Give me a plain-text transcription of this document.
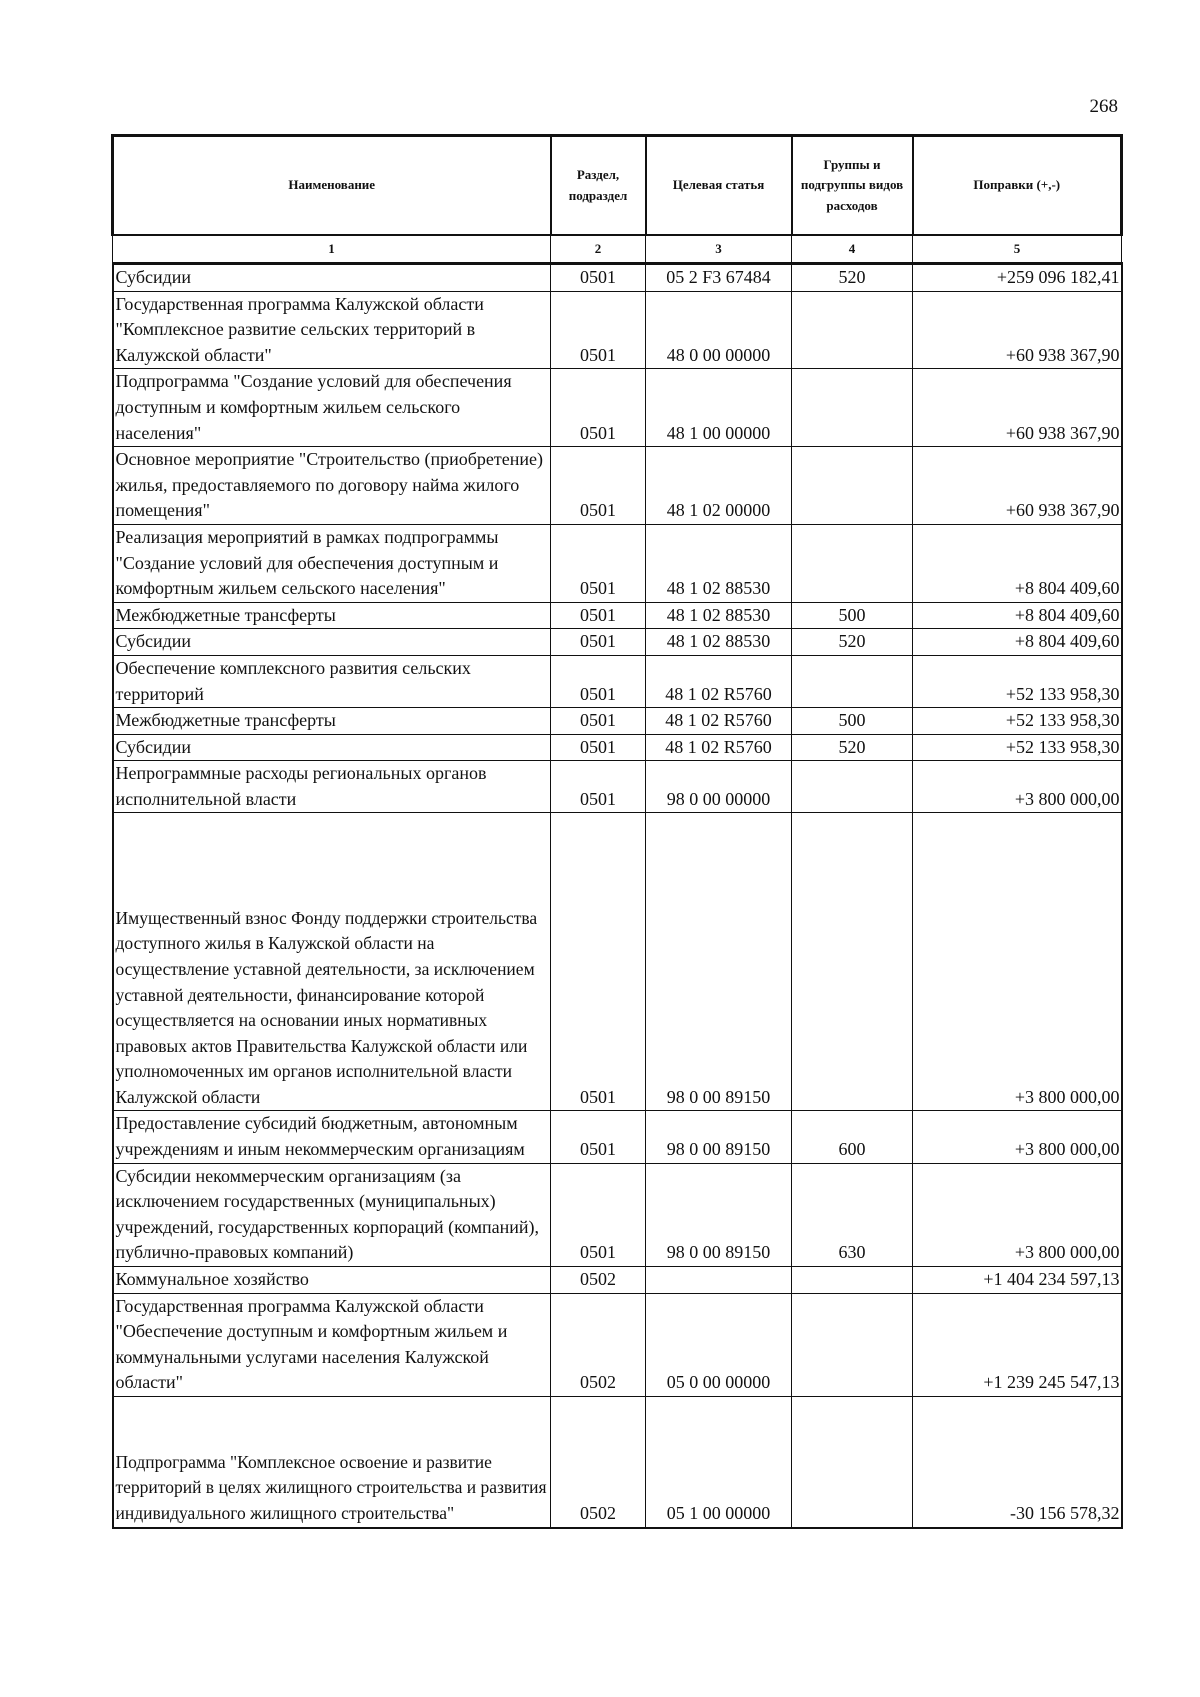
268
Наименование	Раздел, подраздел	Целевая статья	Группы и подгруппы видов расходов	Поправки (+,-)
1	2	3	4	5
Субсидии	0501	05 2 F3 67484	520	+259 096 182,41
Государственная программа Калужской области "Комплексное развитие сельских территорий в Калужской области"	0501	48 0 00 00000		+60 938 367,90
Подпрограмма "Создание условий для обеспечения доступным и комфортным жильем сельского населения"	0501	48 1 00 00000		+60 938 367,90
Основное мероприятие "Строительство (приобретение) жилья, предоставляемого по договору найма жилого помещения"	0501	48 1 02 00000		+60 938 367,90
Реализация мероприятий в рамках подпрограммы "Создание условий для обеспечения доступным и комфортным жильем сельского населения"	0501	48 1 02 88530		+8 804 409,60
Межбюджетные трансферты	0501	48 1 02 88530	500	+8 804 409,60
Субсидии	0501	48 1 02 88530	520	+8 804 409,60
Обеспечение комплексного развития сельских территорий	0501	48 1 02 R5760		+52 133 958,30
Межбюджетные трансферты	0501	48 1 02 R5760	500	+52 133 958,30
Субсидии	0501	48 1 02 R5760	520	+52 133 958,30
Непрограммные расходы региональных органов исполнительной власти	0501	98 0 00 00000		+3 800 000,00
Имущественный взнос Фонду поддержки строительства доступного жилья в Калужской области на осуществление уставной деятельности, за исключением уставной деятельности, финансирование которой осуществляется на основании иных нормативных правовых актов Правительства Калужской области или уполномоченных им органов исполнительной власти Калужской области	0501	98 0 00 89150		+3 800 000,00
Предоставление субсидий бюджетным, автономным учреждениям и иным некоммерческим организациям	0501	98 0 00 89150	600	+3 800 000,00
Субсидии некоммерческим организациям (за исключением государственных (муниципальных) учреждений, государственных корпораций (компаний), публично-правовых компаний)	0501	98 0 00 89150	630	+3 800 000,00
Коммунальное хозяйство	0502			+1 404 234 597,13
Государственная программа Калужской области "Обеспечение доступным и комфортным жильем и коммунальными услугами населения Калужской области"	0502	05 0 00 00000		+1 239 245 547,13
Подпрограмма "Комплексное освоение и развитие территорий в целях жилищного строительства и развития индивидуального жилищного строительства"	0502	05 1 00 00000		-30 156 578,32
